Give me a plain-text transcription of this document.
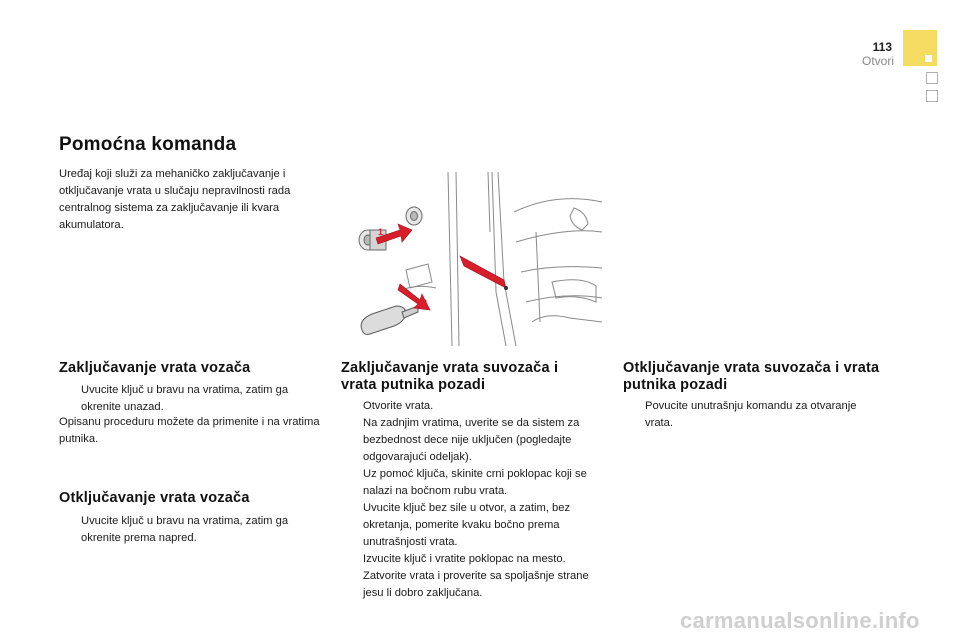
113
Otvori
Pomoćna komanda
Uređaj koji služi za mehaničko zaključavanje i otključavanje vrata u slučaju nepravilnosti rada centralnog sistema za zaključavanje ili kvara akumulatora.
1
2
Zaključavanje vrata vozača
Uvucite ključ u bravu na vratima, zatim ga okrenite unazad.
Opisanu proceduru možete da primenite i na vratima putnika.
Otključavanje vrata vozača
Uvucite ključ u bravu na vratima, zatim ga okrenite prema napred.
Zaključavanje vrata suvozača i vrata putnika pozadi
Otvorite vrata.
Na zadnjim vratima, uverite se da sistem za bezbednost dece nije uključen (pogledajte odgovarajući odeljak).
Uz pomoć ključa, skinite crni poklopac koji se nalazi na bočnom rubu vrata.
Uvucite ključ bez sile u otvor, a zatim, bez okretanja, pomerite kvaku bočno prema unutrašnjosti vrata.
Izvucite ključ i vratite poklopac na mesto.
Zatvorite vrata i proverite sa spoljašnje strane jesu li dobro zaključana.
Otključavanje vrata suvozača i vrata putnika pozadi
Povucite unutrašnju komandu za otvaranje vrata.
carmanualsonline.info
